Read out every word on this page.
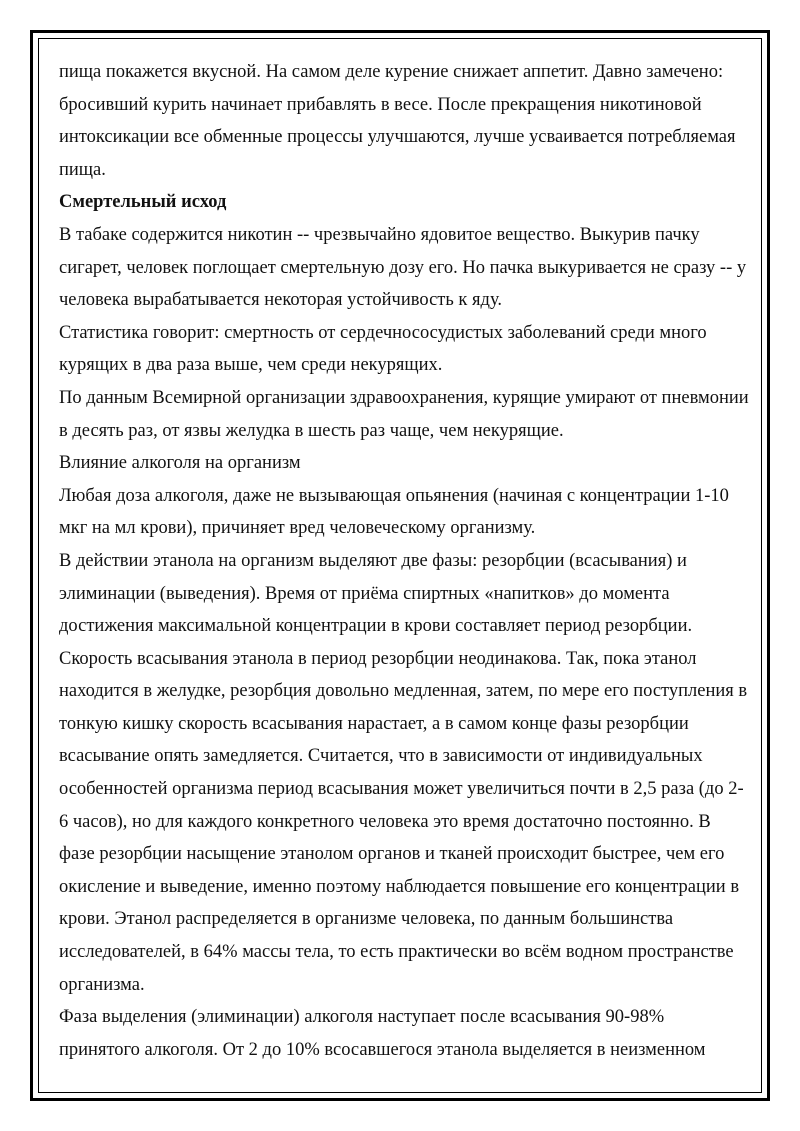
пища покажется вкусной. На самом деле курение снижает аппетит. Давно замечено: бросивший курить начинает прибавлять в весе. После прекращения никотиновой интоксикации все обменные процессы улучшаются, лучше усваивается потребляемая пища.

Смертельный исход

В табаке содержится никотин -- чрезвычайно ядовитое вещество. Выкурив пачку сигарет, человек поглощает смертельную дозу его. Но пачка выкуривается не сразу -- у человека вырабатывается некоторая устойчивость к яду.

Статистика говорит: смертность от сердечнососудистых заболеваний среди много курящих в два раза выше, чем среди некурящих.

По данным Всемирной организации здравоохранения, курящие умирают от пневмонии в десять раз, от язвы желудка в шесть раз чаще, чем некурящие.

Влияние алкоголя на организм

Любая доза алкоголя, даже не вызывающая опьянения (начиная с концентрации 1-10 мкг на мл крови), причиняет вред человеческому организму.

В действии этанола на организм выделяют две фазы: резорбции (всасывания) и элиминации (выведения). Время от приёма спиртных «напитков» до момента достижения максимальной концентрации в крови составляет период резорбции. Скорость всасывания этанола в период резорбции неодинакова. Так, пока этанол находится в желудке, резорбция довольно медленная, затем, по мере его поступления в тонкую кишку скорость всасывания нарастает, а в самом конце фазы резорбции всасывание опять замедляется. Считается, что в зависимости от индивидуальных особенностей организма период всасывания может увеличиться почти в 2,5 раза (до 2-6 часов), но для каждого конкретного человека это время достаточно постоянно. В фазе резорбции насыщение этанолом органов и тканей происходит быстрее, чем его окисление и выведение, именно поэтому наблюдается повышение его концентрации в крови. Этанол распределяется в организме человека, по данным большинства исследователей, в 64% массы тела, то есть практически во всём водном пространстве организма.

Фаза выделения (элиминации) алкоголя наступает после всасывания 90-98% принятого алкоголя. От 2 до 10% всосавшегося этанола выделяется в неизменном
